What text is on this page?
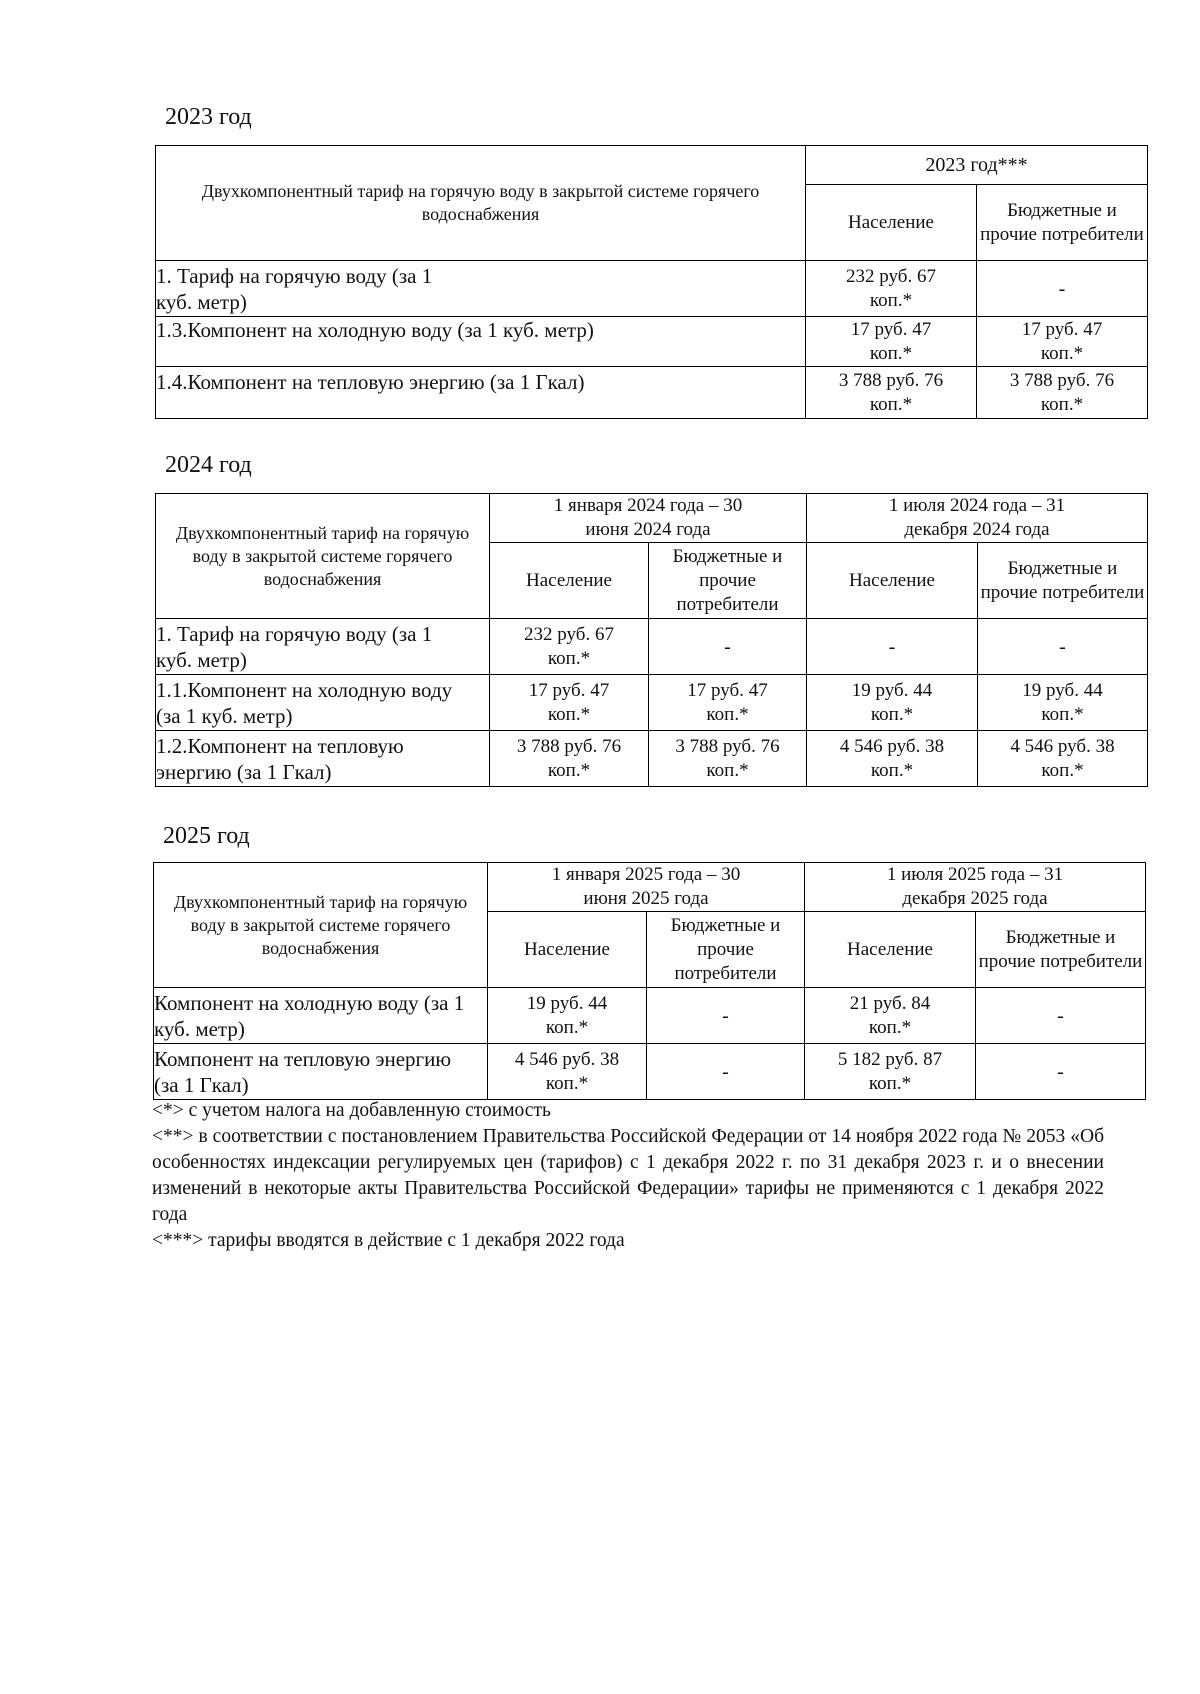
2023 год
Двухкомпонентный тариф на горячую воду в закрытой системе горячего водоснабжения	2023 год***	
	Население	Бюджетные и прочие потребители
1. Тариф на горячую воду (за 1 куб. метр)	232 руб. 67 коп.*	-
1.3.Компонент на холодную воду (за 1 куб. метр)	17 руб. 47 коп.*	17 руб. 47 коп.*
1.4.Компонент на тепловую энергию (за 1 Гкал)	3 788 руб. 76 коп.*	3 788 руб. 76 коп.*
2024 год
Двухкомпонентный тариф на горячую воду в закрытой системе горячего водоснабжения	1 января 2024 года – 30 июня 2024 года		1 июля 2024 года – 31 декабря 2024 года	
	Население	Бюджетные и прочие потребители	Население	Бюджетные и прочие потребители
1. Тариф на горячую воду (за 1 куб. метр)	232 руб. 67 коп.*	-	-	-
1.1.Компонент на холодную воду (за 1 куб. метр)	17 руб. 47 коп.*	17 руб. 47 коп.*	19 руб. 44 коп.*	19 руб. 44 коп.*
1.2.Компонент на тепловую энергию (за 1 Гкал)	3 788 руб. 76 коп.*	3 788 руб. 76 коп.*	4 546 руб. 38 коп.*	4 546 руб. 38 коп.*
2025 год
Двухкомпонентный тариф на горячую воду в закрытой системе горячего водоснабжения	1 января 2025 года – 30 июня 2025 года		1 июля 2025 года – 31 декабря 2025 года	
	Население	Бюджетные и прочие потребители	Население	Бюджетные и прочие потребители
Компонент на холодную воду (за 1 куб. метр)	19 руб. 44 коп.*	-	21 руб. 84 коп.*	-
Компонент на тепловую энергию (за 1 Гкал)	4 546 руб. 38 коп.*	-	5 182 руб. 87 коп.*	-

<*> с учетом налога на добавленную стоимость

<**> в соответствии с постановлением Правительства Российской Федерации от 14 ноября 2022 года № 2053 «Об особенностях индексации регулируемых цен (тарифов) с 1 декабря 2022 г. по 31 декабря 2023 г. и о внесении изменений в некоторые акты Правительства Российской Федерации» тарифы не применяются с 1 декабря 2022 года

<***> тарифы вводятся в действие с 1 декабря 2022 года
